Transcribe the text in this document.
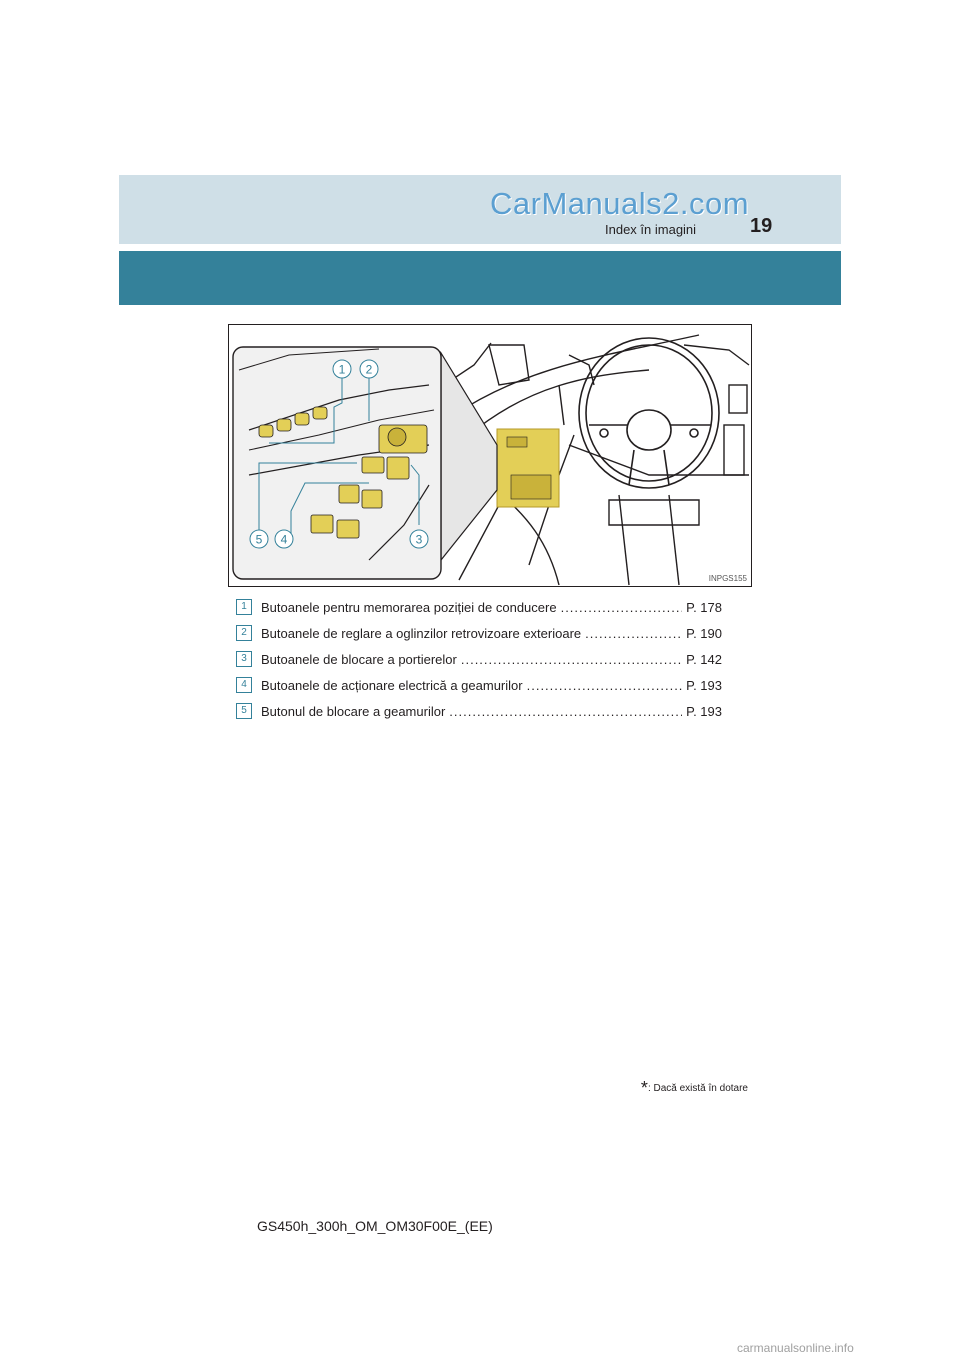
CarManuals2.com
Index în imagini	19
1 2
3
4
5
INPGS155
1	Butoanele pentru memorarea poziției de conducere .....	P. 178
2	Butoanele de reglare a oglinzilor retrovizoare exterioare .....	P. 190
3	Butoanele de blocare a portierelor .....	P. 142
4	Butoanele de acționare electrică a geamurilor .....	P. 193
5	Butonul de blocare a geamurilor .....	P. 193
*: Dacă există în dotare
GS450h_300h_OM_OM30F00E_(EE)
carmanualsonline.info
